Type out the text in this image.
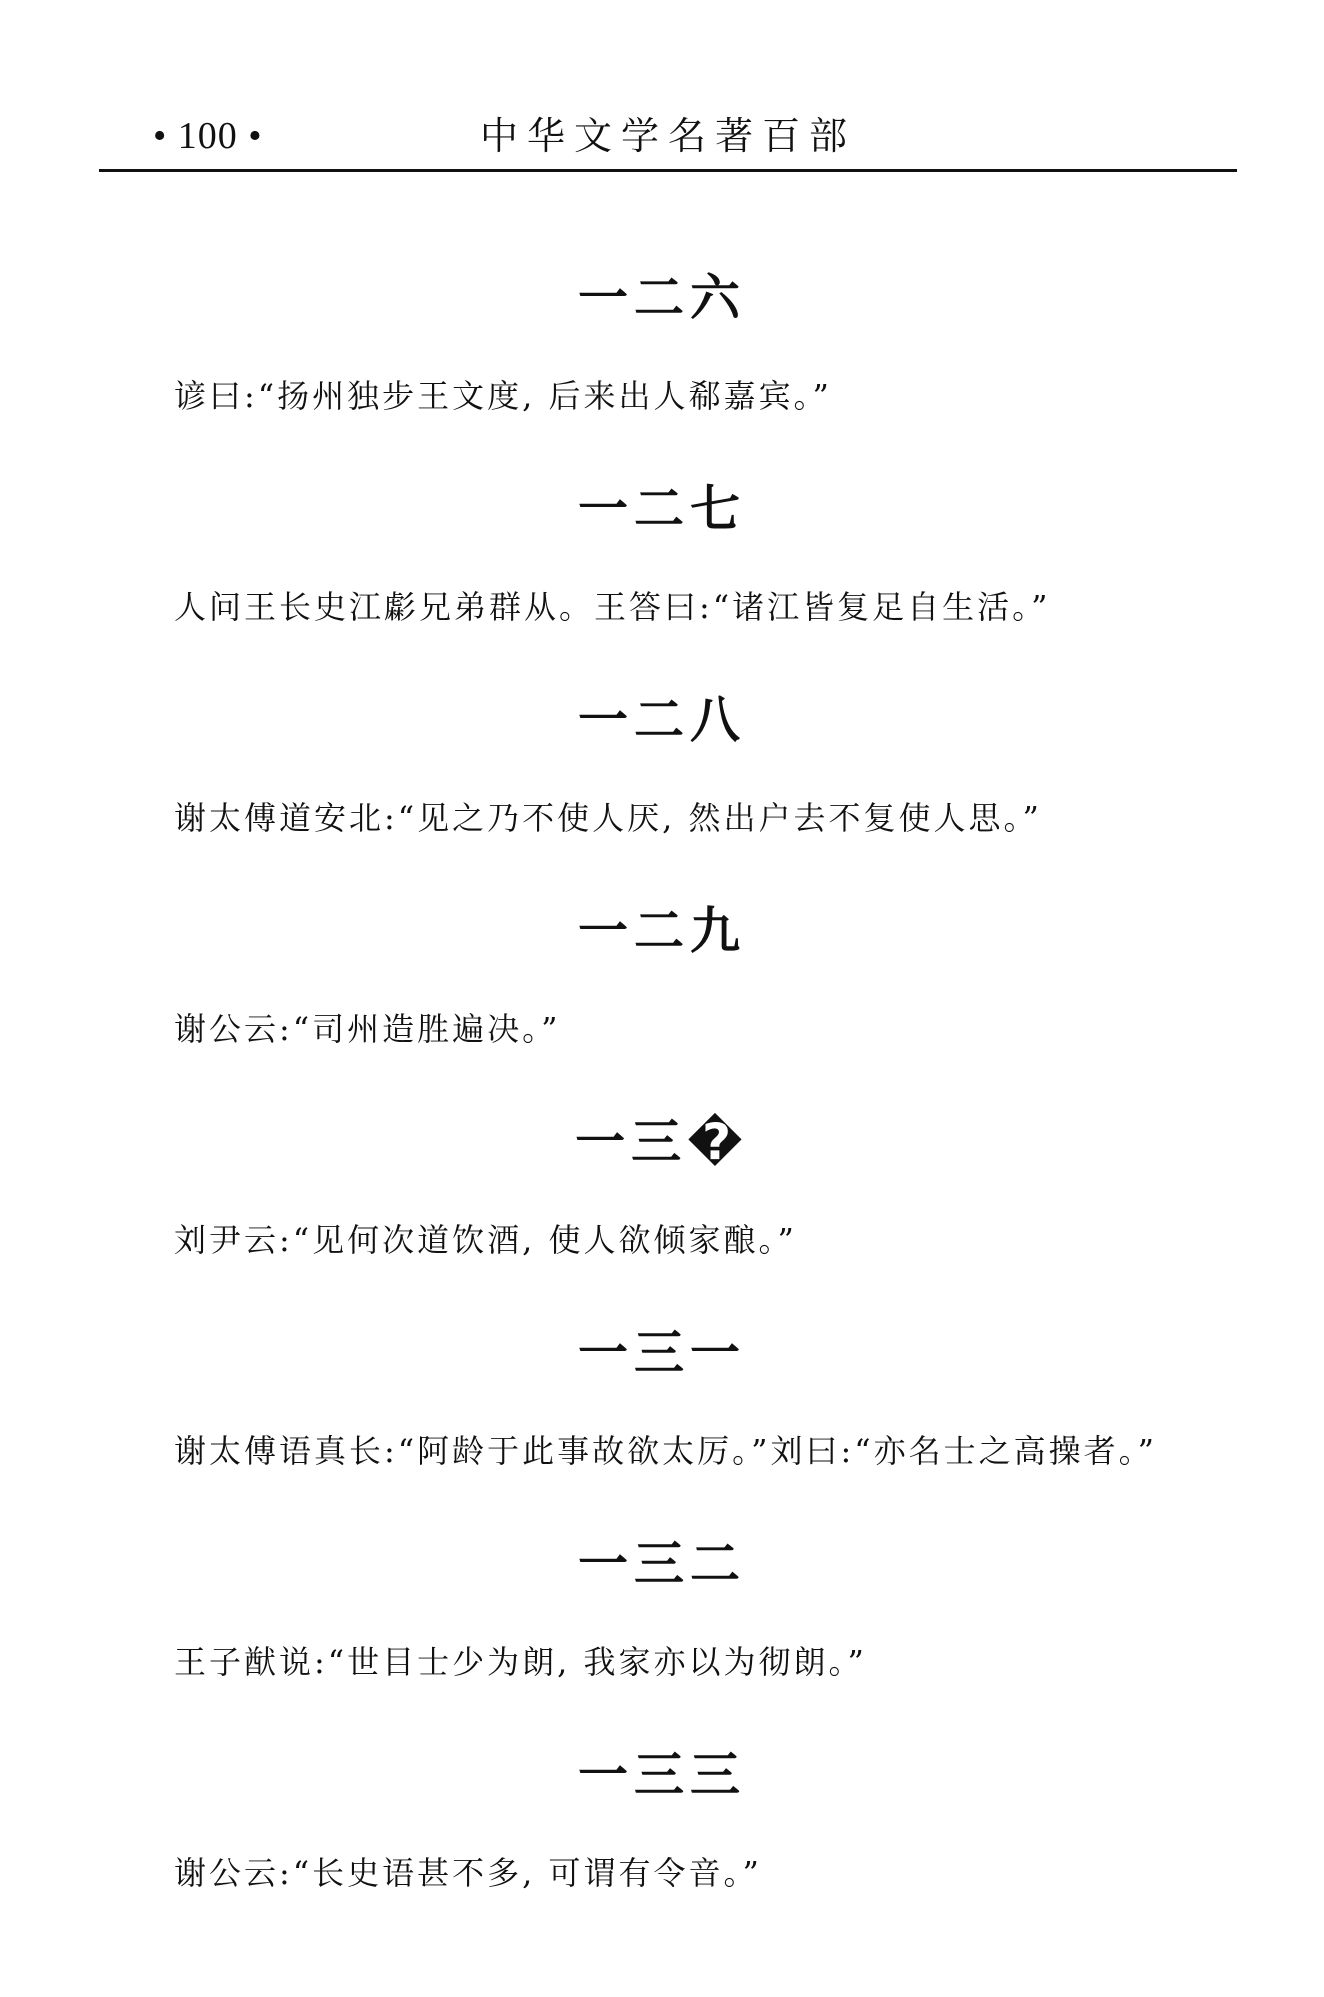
• 100 •	中华文学名著百部
一二六
谚曰:“扬州独步王文度, 后来出人郗嘉宾。”
一二七
人问王长史江虨兄弟群从。王答曰:“诸江皆复足自生活。”
一二八
谢太傅道安北:“见之乃不使人厌, 然出户去不复使人思。”
一二九
谢公云:“司州造胜遍决。”
一三�
刘尹云:“见何次道饮酒, 使人欲倾家酿。”
一三一
谢太傅语真长:“阿龄于此事故欲太厉。”刘曰:“亦名士之高操者。”
一三二
王子猷说:“世目士少为朗, 我家亦以为彻朗。”
一三三
谢公云:“长史语甚不多, 可谓有令音。”
